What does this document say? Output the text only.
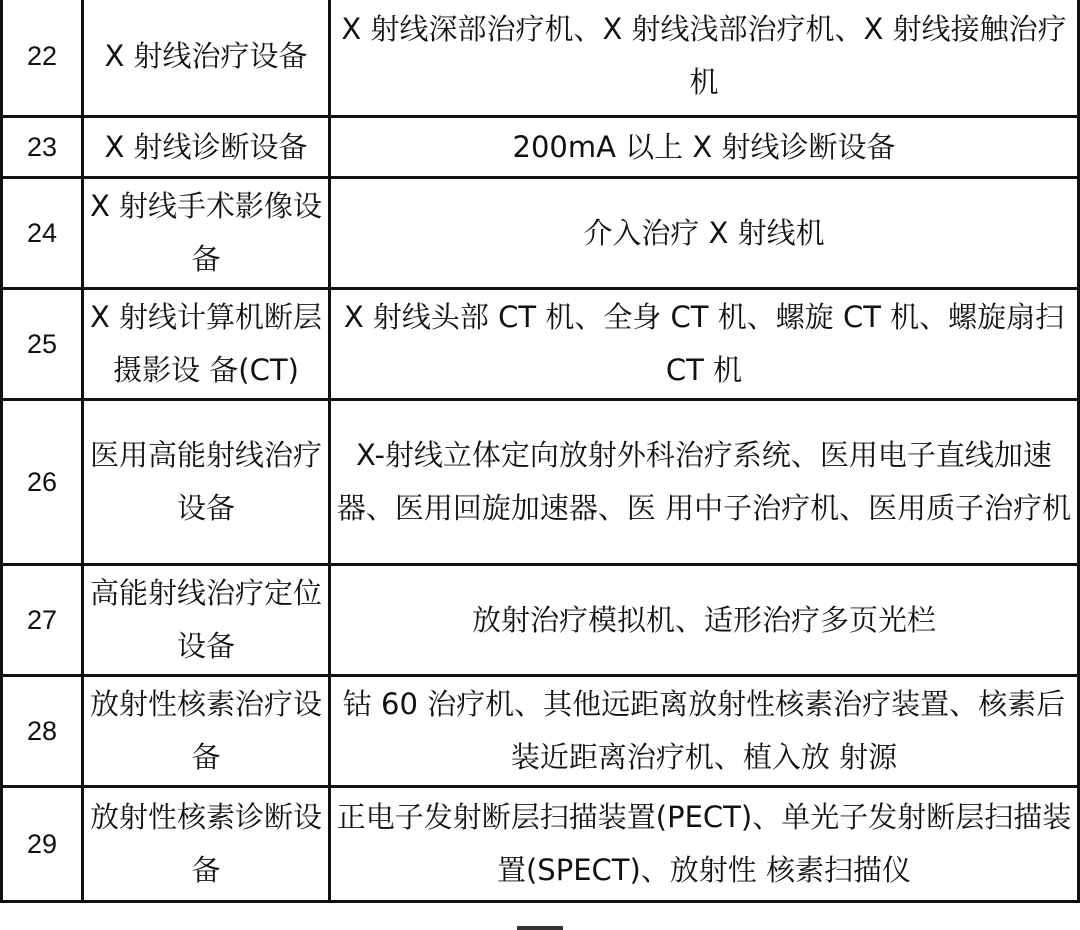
22	X 射线治疗设备	X 射线深部治疗机、X 射线浅部治疗机、X 射线接触治疗机
23	X 射线诊断设备	200mA 以上 X 射线诊断设备
24	X 射线手术影像设备	介入治疗 X 射线机
25	X 射线计算机断层摄影设 备(CT)	X 射线头部 CT 机、全身 CT 机、螺旋 CT 机、螺旋扇扫 CT 机
26	医用高能射线治疗设备	X-射线立体定向放射外科治疗系统、医用电子直线加速器、医用回旋加速器、医 用中子治疗机、医用质子治疗机
27	高能射线治疗定位设备	放射治疗模拟机、适形治疗多页光栏
28	放射性核素治疗设备	钴 60 治疗机、其他远距离放射性核素治疗装置、核素后装近距离治疗机、植入放 射源
29	放射性核素诊断设备	正电子发射断层扫描装置(PECT)、单光子发射断层扫描装置(SPECT)、放射性 核素扫描仪
